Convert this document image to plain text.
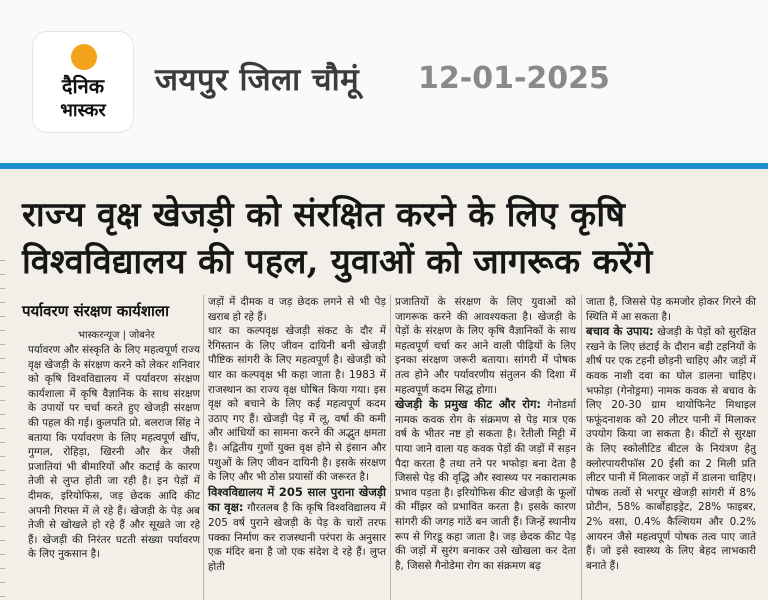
दैनिक
भास्कर
जयपुर जिला चौमूं 12-01-2025
राज्य वृक्ष खेजड़ी को संरक्षित करने के लिए कृषि
विश्वविद्यालय की पहल, युवाओं को जागरूक करेंगे
पर्यावरण संरक्षण कार्यशाला
भास्करन्यूज | जोबनेर

पर्यावरण और संस्कृति के लिए महत्वपूर्ण राज्य वृक्ष खेजड़ी के संरक्षण करने को लेकर शनिवार को कृषि विश्वविद्यालय में पर्यावरण संरक्षण कार्यशाला में कृषि वैज्ञानिक के साथ संरक्षण के उपायों पर चर्चा करते हुए खेजड़ी संरक्षण की पहल की गई। कुलपति प्रो. बलराज सिंह ने बताया कि पर्यावरण के लिए महत्वपूर्ण खींप, गुग्गल, रोहिड़ा, खिरनी और केर जैसी प्रजातियां भी बीमारियों और कटाई के कारण तेजी से लुप्त होती जा रही है। इन पेड़ों में दीमक, इरियोफिस, जड़ छेदक आदि कीट अपनी गिरफ्त में ले रहे हैं। खेजड़ी के पेड़ अब तेजी से खोखले हो रहे हैं और सूखते जा रहे हैं। खेजड़ी की निरंतर घटती संख्या पर्यावरण के लिए नुकसान है।

जड़ों में दीमक व जड़ छेदक लगने से भी पेड़ खराब हो रहे हैं।

थार का कल्पवृक्ष खेजड़ी संकट के दौर में रेगिस्तान के लिए जीवन दायिनी बनी खेजड़ी पौष्टिक सांगरी के लिए महत्वपूर्ण है। खेजड़ी को थार का कल्पवृक्ष भी कहा जाता है। 1983 में राजस्थान का राज्य वृक्ष घोषित किया गया। इस वृक्ष को बचाने के लिए कई महत्वपूर्ण कदम उठाए गए हैं। खेजड़ी पेड़ में लू, वर्षा की कमी और आंधियों का सामना करने की अद्भुत क्षमता है। अद्वितीय गुणों युक्त वृक्ष होने से इंसान और पशुओं के लिए जीवन दायिनी है। इसके संरक्षण के लिए और भी ठोस प्रयासों की जरूरत है।

विश्वविद्यालय में 205 साल पुराना खेजड़ी का वृक्ष: गौरतलब है कि कृषि विश्वविद्यालय में 205 वर्ष पुराने खेजड़ी के पेड़ के चारों तरफ पक्का निर्माण कर राजस्थानी परंपरा के अनुसार एक मंदिर बना है जो एक संदेश दे रहे हैं। लुप्त होती

प्रजातियों के संरक्षण के लिए युवाओं को जागरूक करने की आवश्यकता है। खेजड़ी के पेड़ों के संरक्षण के लिए कृषि वैज्ञानिकों के साथ महत्वपूर्ण चर्चा कर आने वाली पीढ़ियों के लिए इनका संरक्षण जरूरी बताया। सांगरी में पोषक तत्व होने और पर्यावरणीय संतुलन की दिशा में महत्वपूर्ण कदम सिद्ध होगा।

खेजड़ी के प्रमुख कीट और रोग: गेनोडर्मा नामक कवक रोग के संक्रमण से पेड़ मात्र एक वर्ष के भीतर नष्ट हो सकता है। रेतीली मिट्टी में पाया जाने वाला यह कवक पेड़ों की जड़ों में सड़न पैदा करता है तथा तने पर भफोड़ा बना देता है जिससे पेड़ की वृद्धि और स्वास्थ्य पर नकारात्मक प्रभाव पड़ता है। इरियोफिस कीट खेजड़ी के फूलों की मींझर को प्रभावित करता है। इसके कारण सांगरी की जगह गांठें बन जाती हैं। जिन्हें स्थानीय रूप से गिरडू कहा जाता है। जड़ छेदक कीट पेड़ की जड़ों में सुरंग बनाकर उसे खोखला कर देता है, जिससे गैनोडेमा रोग का संक्रमण बढ़

जाता है, जिससे पेड़ कमजोर होकर गिरने की स्थिति में आ सकता है।

बचाव के उपाय: खेजड़ी के पेड़ों को सुरक्षित रखने के लिए छंटाई के दौरान बड़ी टहनियों के शीर्ष पर एक टहनी छोड़नी चाहिए और जड़ों में कवक नाशी दवा का घोल डालना चाहिए। भफोड़ा (गेनोड्रमा) नामक कवक से बचाव के लिए 20-30 ग्राम थायोफिनेट मिथाइल फफूंदनाशक को 20 लीटर पानी में मिलाकर उपयोग किया जा सकता है। कीटों से सुरक्षा के लिए स्कोलीटिड बीटल के नियंत्रण हेतु क्लोरपायरीफॉस 20 ईसी का 2 मिली प्रति लीटर पानी में मिलाकर जड़ों में डालना चाहिए। पोषक तत्वों से भरपूर खेजड़ी सांगरी में 8% प्रोटीन, 58% कार्बोहाइड्रेट, 28% फाइबर, 2% वसा, 0.4% कैल्शियम और 0.2% आयरन जैसे महत्वपूर्ण पोषक तत्व पाए जाते हैं। जो इसे स्वास्थ्य के लिए बेहद लाभकारी बनाते हैं।
